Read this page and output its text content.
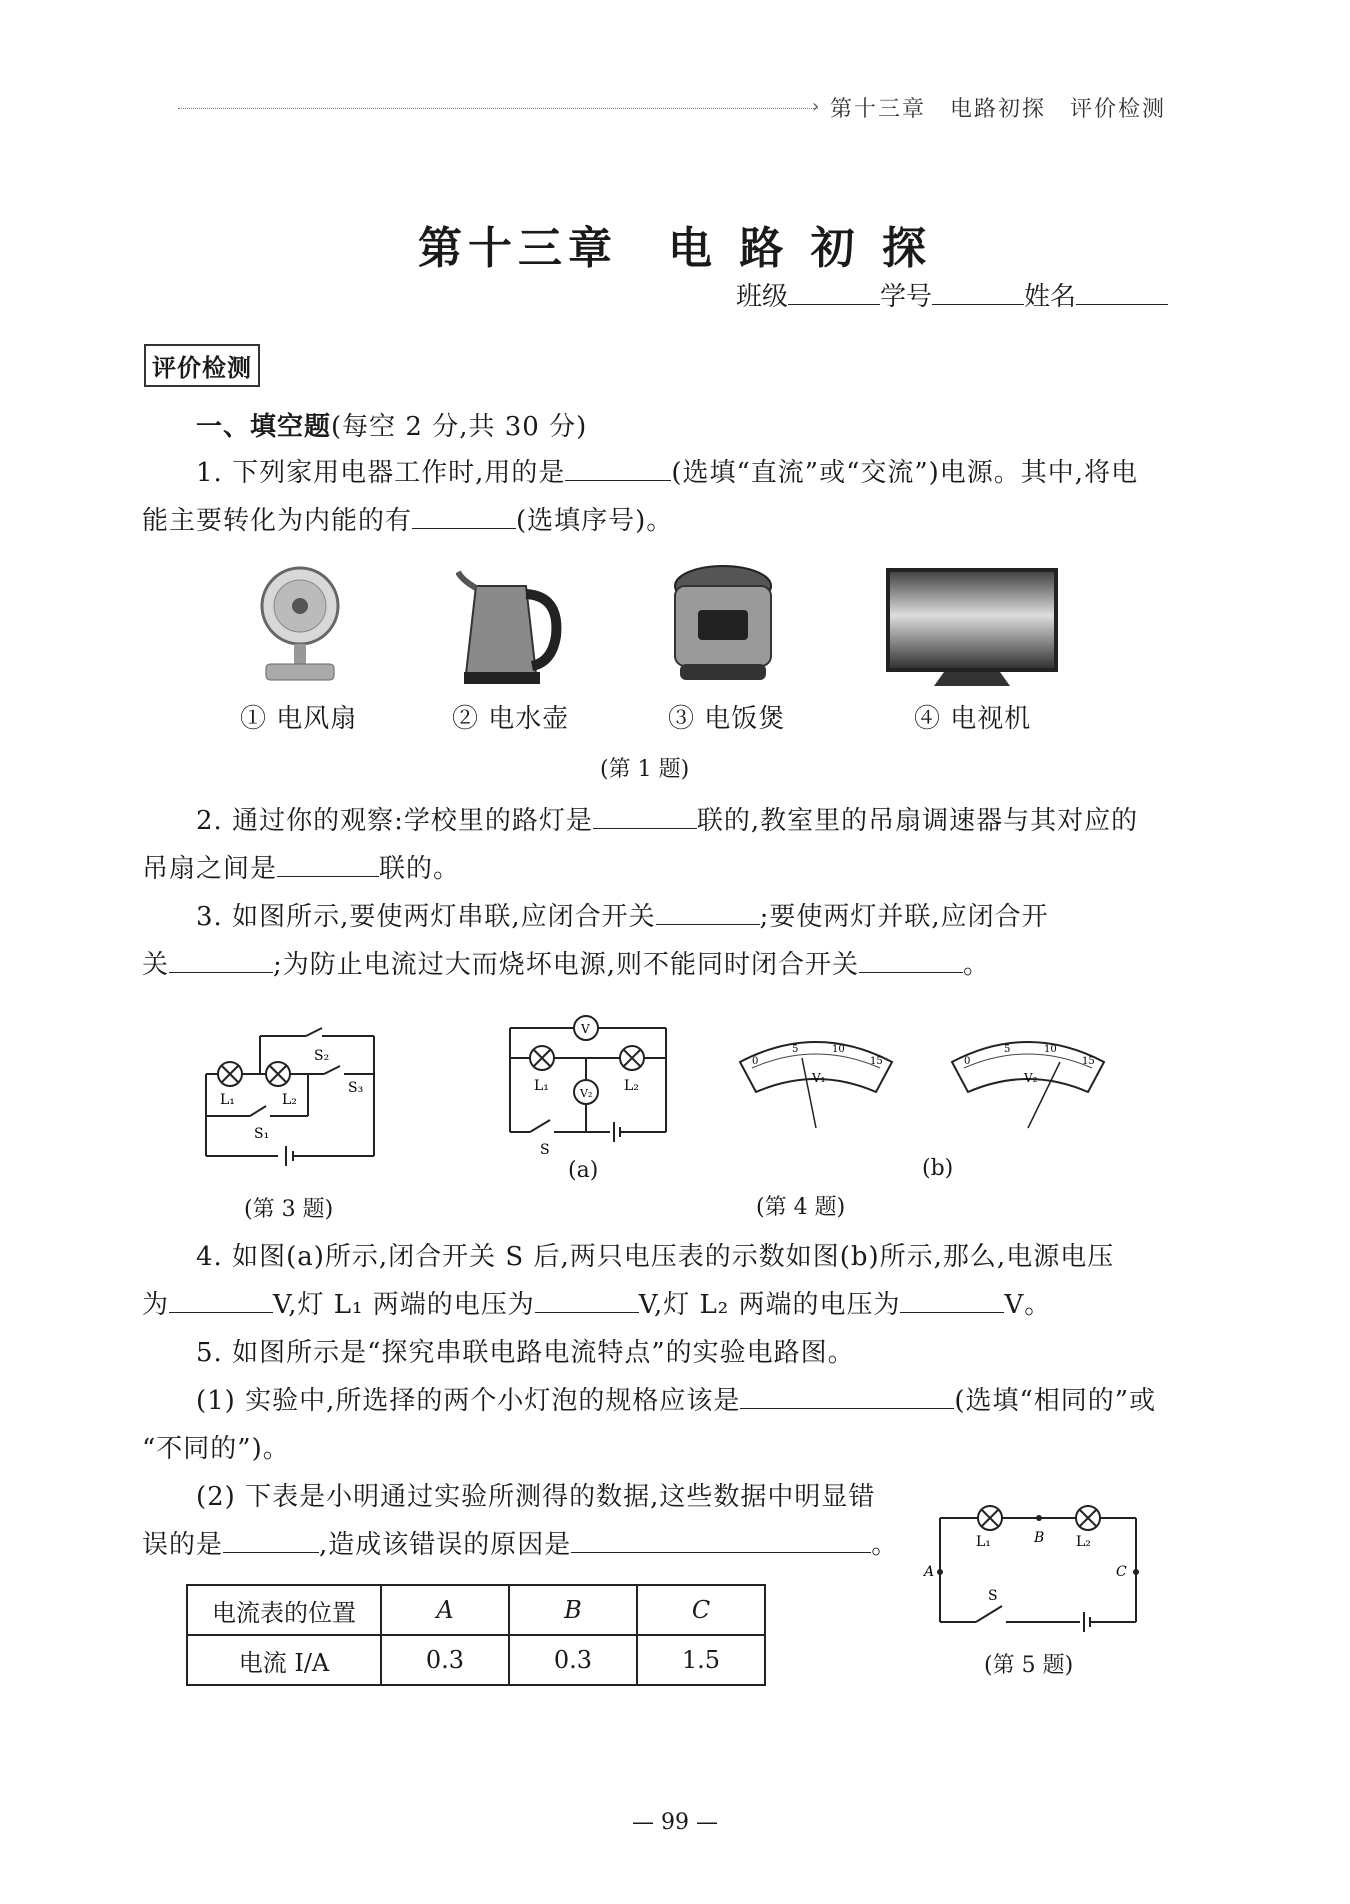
› 第十三章　电路初探　评价检测
第十三章　电 路 初 探
班级	学号	姓名
评价检测
一、填空题(每空 2 分,共 30 分)
1. 下列家用电器工作时,用的是	(选填“直流”或“交流”)电源。其中,将电
能主要转化为内能的有	(选填序号)。
① 电风扇	② 电水壶	③ 电饭煲	④ 电视机
(第 1 题)
2. 通过你的观察:学校里的路灯是	联的,教室里的吊扇调速器与其对应的
吊扇之间是	联的。
3. 如图所示,要使两灯串联,应闭合开关	;要使两灯并联,应闭合开
关	;为防止电流过大而烧坏电源,则不能同时闭合开关	。
L₁	L₂
S₂
S₃
S₁
(第 3 题)
V
V₂
L₁	L₂
S
(a)
0
5	10
15
V₁
0
5	10
15
V₂
(b)
(第 4 题)
4. 如图(a)所示,闭合开关 S 后,两只电压表的示数如图(b)所示,那么,电源电压
为	V,灯 L₁ 两端的电压为	V,灯 L₂ 两端的电压为	V。
5. 如图所示是“探究串联电路电流特点”的实验电路图。
(1) 实验中,所选择的两个小灯泡的规格应该是	(选填“相同的”或
“不同的”)。
(2) 下表是小明通过实验所测得的数据,这些数据中明显错
误的是	,造成该错误的原因是	。
电流表的位置	A	B	C
电流 I/A	0.3	0.3	1.5
B
A	C
L₁	L₂
S
(第 5 题)
— 99 —
